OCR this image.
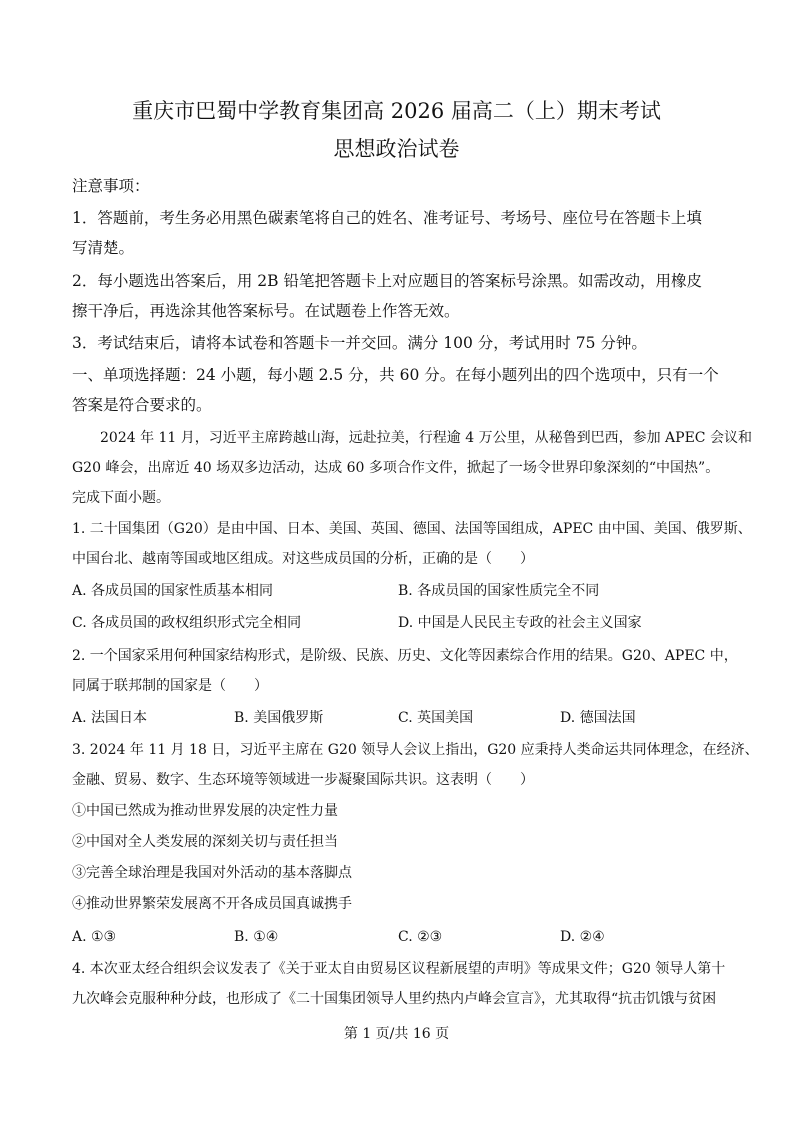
重庆市巴蜀中学教育集团高 2026 届高二（上）期末考试
思想政治试卷
注意事项：
1．答题前，考生务必用黑色碳素笔将自己的姓名、准考证号、考场号、座位号在答题卡上填
写清楚。
2．每小题选出答案后，用 2B 铅笔把答题卡上对应题目的答案标号涂黑。如需改动，用橡皮
擦干净后，再选涂其他答案标号。在试题卷上作答无效。
3．考试结束后，请将本试卷和答题卡一并交回。满分 100 分，考试用时 75 分钟。
一、单项选择题：24 小题，每小题 2.5 分，共 60 分。在每小题列出的四个选项中，只有一个
答案是符合要求的。
2024 年 11 月，习近平主席跨越山海，远赴拉美，行程逾 4 万公里，从秘鲁到巴西，参加 APEC 会议和
G20 峰会，出席近 40 场双多边活动，达成 60 多项合作文件，掀起了一场令世界印象深刻的“中国热”。
完成下面小题。
1. 二十国集团（G20）是由中国、日本、美国、英国、德国、法国等国组成，APEC 由中国、美国、俄罗斯、
中国台北、越南等国或地区组成。对这些成员国的分析，正确的是（　　）
A. 各成员国的国家性质基本相同	B. 各成员国的国家性质完全不同
C. 各成员国的政权组织形式完全相同	D. 中国是人民民主专政的社会主义国家
2. 一个国家采用何种国家结构形式，是阶级、民族、历史、文化等因素综合作用的结果。G20、APEC 中，
同属于联邦制的国家是（　　）
A. 法国日本	B. 美国俄罗斯	C. 英国美国	D. 德国法国
3. 2024 年 11 月 18 日，习近平主席在 G20 领导人会议上指出，G20 应秉持人类命运共同体理念，在经济、
金融、贸易、数字、生态环境等领域进一步凝聚国际共识。这表明（　　）
①中国已然成为推动世界发展的决定性力量
②中国对全人类发展的深刻关切与责任担当
③完善全球治理是我国对外活动的基本落脚点
④推动世界繁荣发展离不开各成员国真诚携手
A. ①③	B. ①④	C. ②③	D. ②④
4. 本次亚太经合组织会议发表了《关于亚太自由贸易区议程新展望的声明》等成果文件；G20 领导人第十
九次峰会克服种种分歧，也形成了《二十国集团领导人里约热内卢峰会宣言》，尤其取得“抗击饥饿与贫困
第 1 页/共 16 页
